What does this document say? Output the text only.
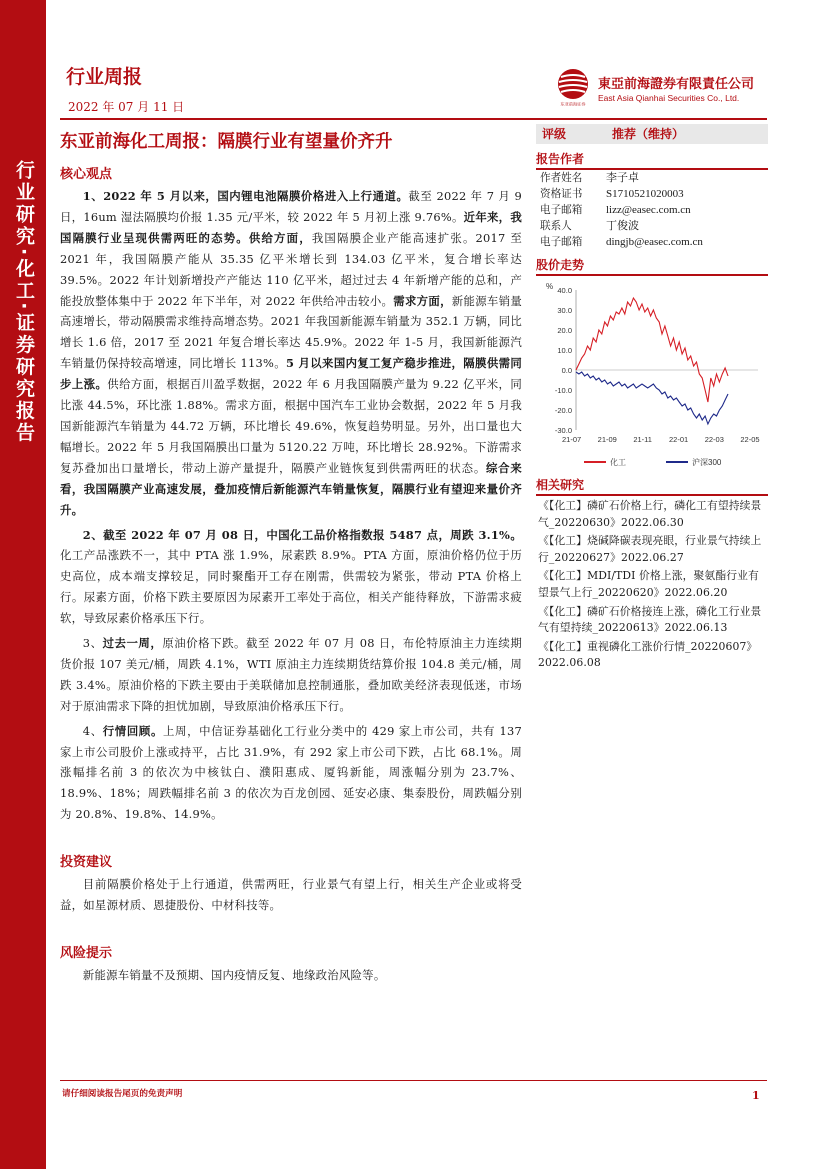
行业研究·化工·证券研究报告
行业周报
2022 年 07 月 11 日	东亚前海证券
東亞前海證券有限責任公司
East Asia Qianhai Securities Co., Ltd.
东亚前海化工周报：隔膜行业有望量价齐升
核心观点

1、2022 年 5 月以来，国内锂电池隔膜价格进入上行通道。截至 2022 年 7 月 9 日，16um 湿法隔膜均价报 1.35 元/平米，较 2022 年 5 月初上涨 9.76%。近年来，我国隔膜行业呈现供需两旺的态势。供给方面，我国隔膜企业产能高速扩张。2017 至 2021 年，我国隔膜产能从 35.35 亿平米增长到 134.03 亿平米，复合增长率达 39.5%。2022 年计划新增投产产能达 110 亿平米，超过过去 4 年新增产能的总和，产能投放整体集中于 2022 年下半年，对 2022 年供给冲击较小。需求方面，新能源车销量高速增长，带动隔膜需求维持高增态势。2021 年我国新能源车销量为 352.1 万辆，同比增长 1.6 倍，2017 至 2021 年复合增长率达 45.9%。2022 年 1-5 月，我国新能源汽车销量仍保持较高增速，同比增长 113%。5 月以来国内复工复产稳步推进，隔膜供需同步上涨。供给方面，根据百川盈孚数据，2022 年 6 月我国隔膜产量为 9.22 亿平米，同比涨 44.5%，环比涨 1.88%。需求方面，根据中国汽车工业协会数据，2022 年 5 月我国新能源汽车销量为 44.72 万辆，环比增长 49.6%，恢复趋势明显。另外，出口量也大幅增长。2022 年 5 月我国隔膜出口量为 5120.22 万吨，环比增长 28.92%。下游需求复苏叠加出口量增长，带动上游产量提升，隔膜产业链恢复到供需两旺的状态。综合来看，我国隔膜产业高速发展，叠加疫情后新能源汽车销量恢复，隔膜行业有望迎来量价齐升。

2、截至 2022 年 07 月 08 日，中国化工品价格指数报 5487 点，周跌 3.1%。化工产品涨跌不一，其中 PTA 涨 1.9%，尿素跌 8.9%。PTA 方面，原油价格仍位于历史高位，成本端支撑较足，同时聚酯开工存在刚需，供需较为紧张，带动 PTA 价格上行。尿素方面，价格下跌主要原因为尿素开工率处于高位，相关产能待释放，下游需求疲软，导致尿素价格承压下行。

3、过去一周，原油价格下跌。截至 2022 年 07 月 08 日，布伦特原油主力连续期货价报 107 美元/桶，周跌 4.1%，WTI 原油主力连续期货结算价报 104.8 美元/桶，周跌 3.4%。原油价格的下跌主要由于美联储加息控制通胀，叠加欧美经济表现低迷，市场对于原油需求下降的担忧加剧，导致原油价格承压下行。

4、行情回顾。上周，中信证券基础化工行业分类中的 429 家上市公司，共有 137 家上市公司股价上涨或持平，占比 31.9%，有 292 家上市公司下跌，占比 68.1%。周涨幅排名前 3 的依次为中核钛白、濮阳惠成、厦钨新能，周涨幅分别为 23.7%、18.9%、18%；周跌幅排名前 3 的依次为百龙创园、延安必康、集泰股份，周跌幅分别为 20.8%、19.8%、14.9%。

投资建议

目前隔膜价格处于上行通道，供需两旺，行业景气有望上行，相关生产企业或将受益，如星源材质、恩捷股份、中材科技等。

风险提示

新能源车销量不及预期、国内疫情反复、地缘政治风险等。

评级	推荐（维持）
报告作者
作者姓名	李子卓
资格证书	S1710521020003
电子邮箱	lizz@easec.com.cn
联系人	丁俊波
电子邮箱	dingjb@easec.com.cn
股价走势
% 40.0
30.0
20.0
10.0
0.0
-10.0
-20.0
-30.0
21-07 21-09 21-11 22-01 22-03 22-05
化工	沪深300
相关研究
《【化工】磷矿石价格上行，磷化工有望持续景气_20220630》2022.06.30
《【化工】烧碱降碳表现亮眼，行业景气持续上行_20220627》2022.06.27
《【化工】MDI/TDI 价格上涨，聚氨酯行业有望景气上行_20220620》2022.06.20
《【化工】磷矿石价格接连上涨，磷化工行业景气有望持续_20220613》2022.06.13
《【化工】重视磷化工涨价行情_20220607》2022.06.08
请仔细阅读报告尾页的免责声明	1
